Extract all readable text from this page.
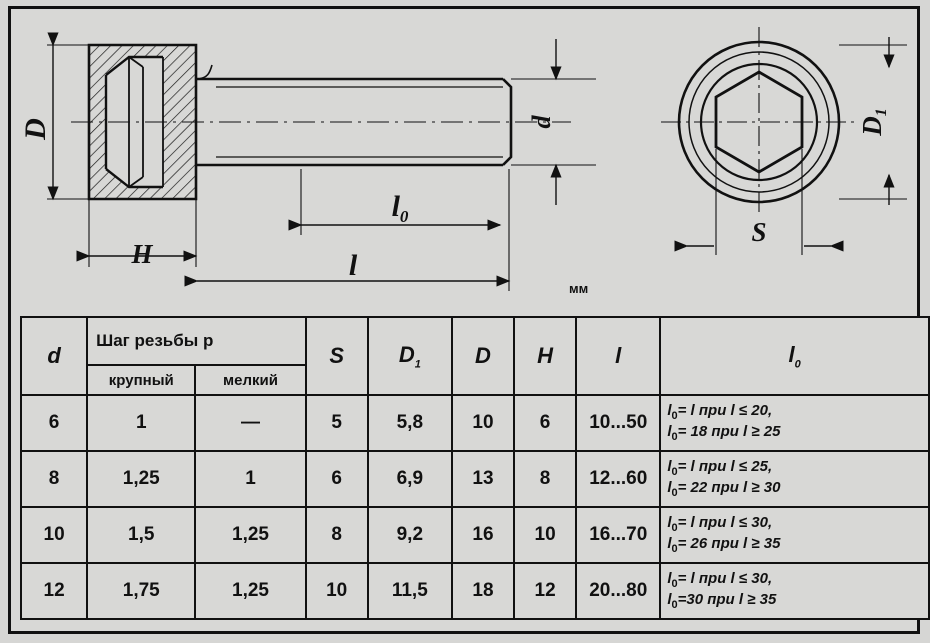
D	d
H
$l_0$
l
D1
S
мм
d	Шаг резьбы p		S	$D_1$	D	H	l	$l_0$
	крупный	мелкий						
6	1	—	5	5,8	10	6	10...50	$l_0= l$ при l ≤ 20,
$l_0= 18$ при l ≥ 25

8	1,25	1	6	6,9	13	8	12...60	$l_0= l$ при l ≤ 25,
$l_0= 22$ при l ≥ 30

10	1,5	1,25	8	9,2	16	10	16...70	$l_0= l$ при l ≤ 30,
$l_0= 26$ при l ≥ 35

12	1,75	1,25	10	11,5	18	12	20...80	$l_0= l$ при l ≤ 30,
$l_0=30$ при l ≥ 35
